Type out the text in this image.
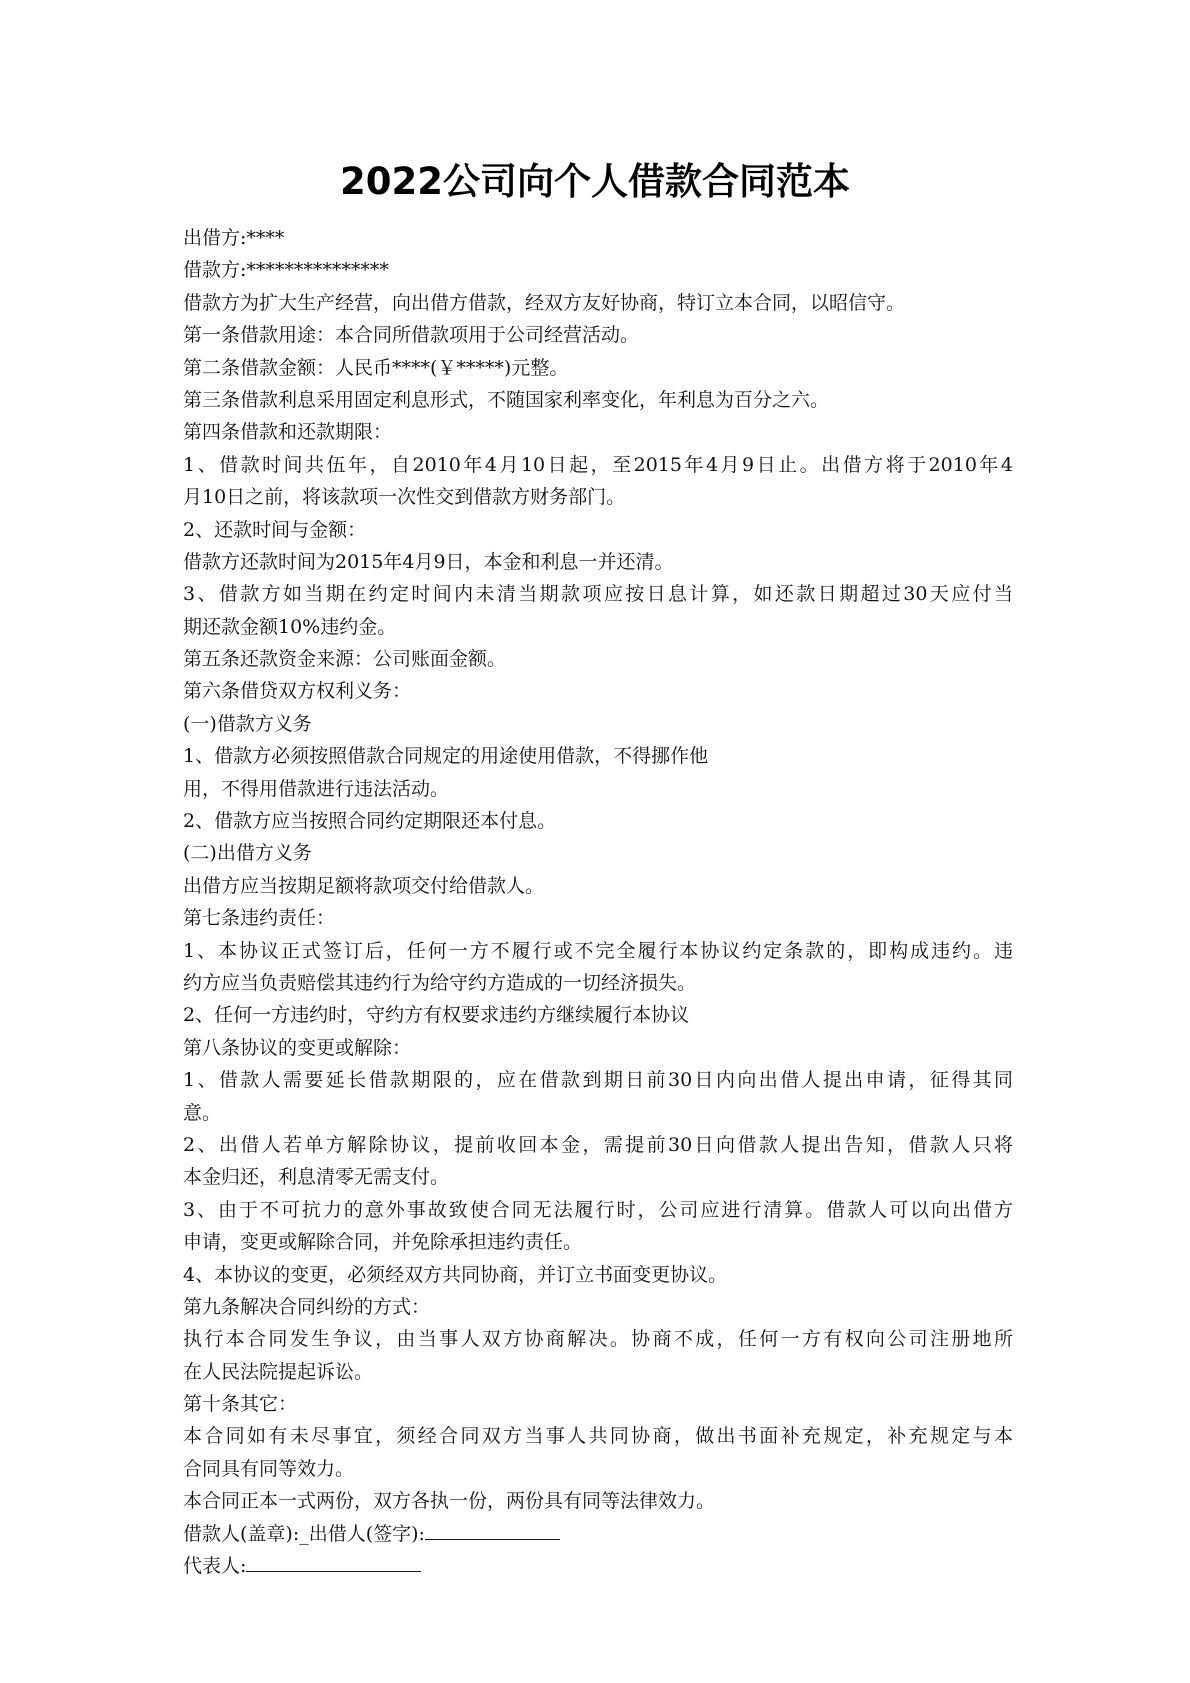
2022公司向个人借款合同范本
出借方:****
借款方:***************
借款方为扩大生产经营，向出借方借款，经双方友好协商，特订立本合同，以昭信守。
第一条借款用途：本合同所借款项用于公司经营活动。
第二条借款金额：人民币****(￥*****)元整。
第三条借款利息采用固定利息形式，不随国家利率变化，年利息为百分之六。
第四条借款和还款期限：
1、借款时间共伍年，自2010年4月10日起，至2015年4月9日止。出借方将于2010年4
月10日之前，将该款项一次性交到借款方财务部门。
2、还款时间与金额：
借款方还款时间为2015年4月9日，本金和利息一并还清。
3、借款方如当期在约定时间内未清当期款项应按日息计算，如还款日期超过30天应付当
期还款金额10%违约金。
第五条还款资金来源：公司账面金额。
第六条借贷双方权利义务：
(一)借款方义务
1、借款方必须按照借款合同规定的用途使用借款，不得挪作他
用，不得用借款进行违法活动。
2、借款方应当按照合同约定期限还本付息。
(二)出借方义务
出借方应当按期足额将款项交付给借款人。
第七条违约责任：
1、本协议正式签订后，任何一方不履行或不完全履行本协议约定条款的，即构成违约。违
约方应当负责赔偿其违约行为给守约方造成的一切经济损失。
2、任何一方违约时，守约方有权要求违约方继续履行本协议
第八条协议的变更或解除：
1、借款人需要延长借款期限的，应在借款到期日前30日内向出借人提出申请，征得其同
意。
2、出借人若单方解除协议，提前收回本金，需提前30日向借款人提出告知，借款人只将
本金归还，利息清零无需支付。
3、由于不可抗力的意外事故致使合同无法履行时，公司应进行清算。借款人可以向出借方
申请，变更或解除合同，并免除承担违约责任。
4、本协议的变更，必须经双方共同协商，并订立书面变更协议。
第九条解决合同纠纷的方式：
执行本合同发生争议，由当事人双方协商解决。协商不成，任何一方有权向公司注册地所
在人民法院提起诉讼。
第十条其它：
本合同如有未尽事宜，须经合同双方当事人共同协商，做出书面补充规定，补充规定与本
合同具有同等效力。
本合同正本一式两份，双方各执一份，两份具有同等法律效力。
借款人(盖章):_出借人(签字):
代表人:
